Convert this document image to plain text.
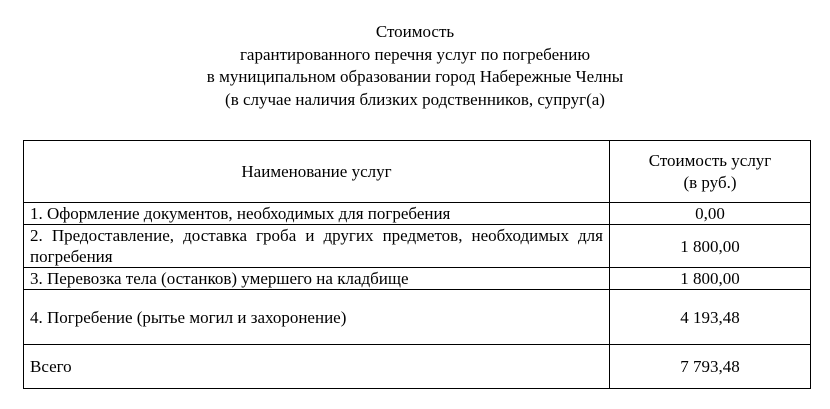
Стоимость
гарантированного перечня услуг по погребению
в муниципальном образовании город Набережные Челны
(в случае наличия близких родственников, супруг(а)
Наименование услуг	Стоимость услуг
(в руб.)

1. Оформление документов, необходимых для погребения	0,00
2. Предоставление, доставка гроба и других предметов, необходимых для погребения	1 800,00
3. Перевозка тела (останков) умершего на кладбище	1 800,00
4. Погребение (рытье могил и захоронение)	4 193,48
Всего	7 793,48
